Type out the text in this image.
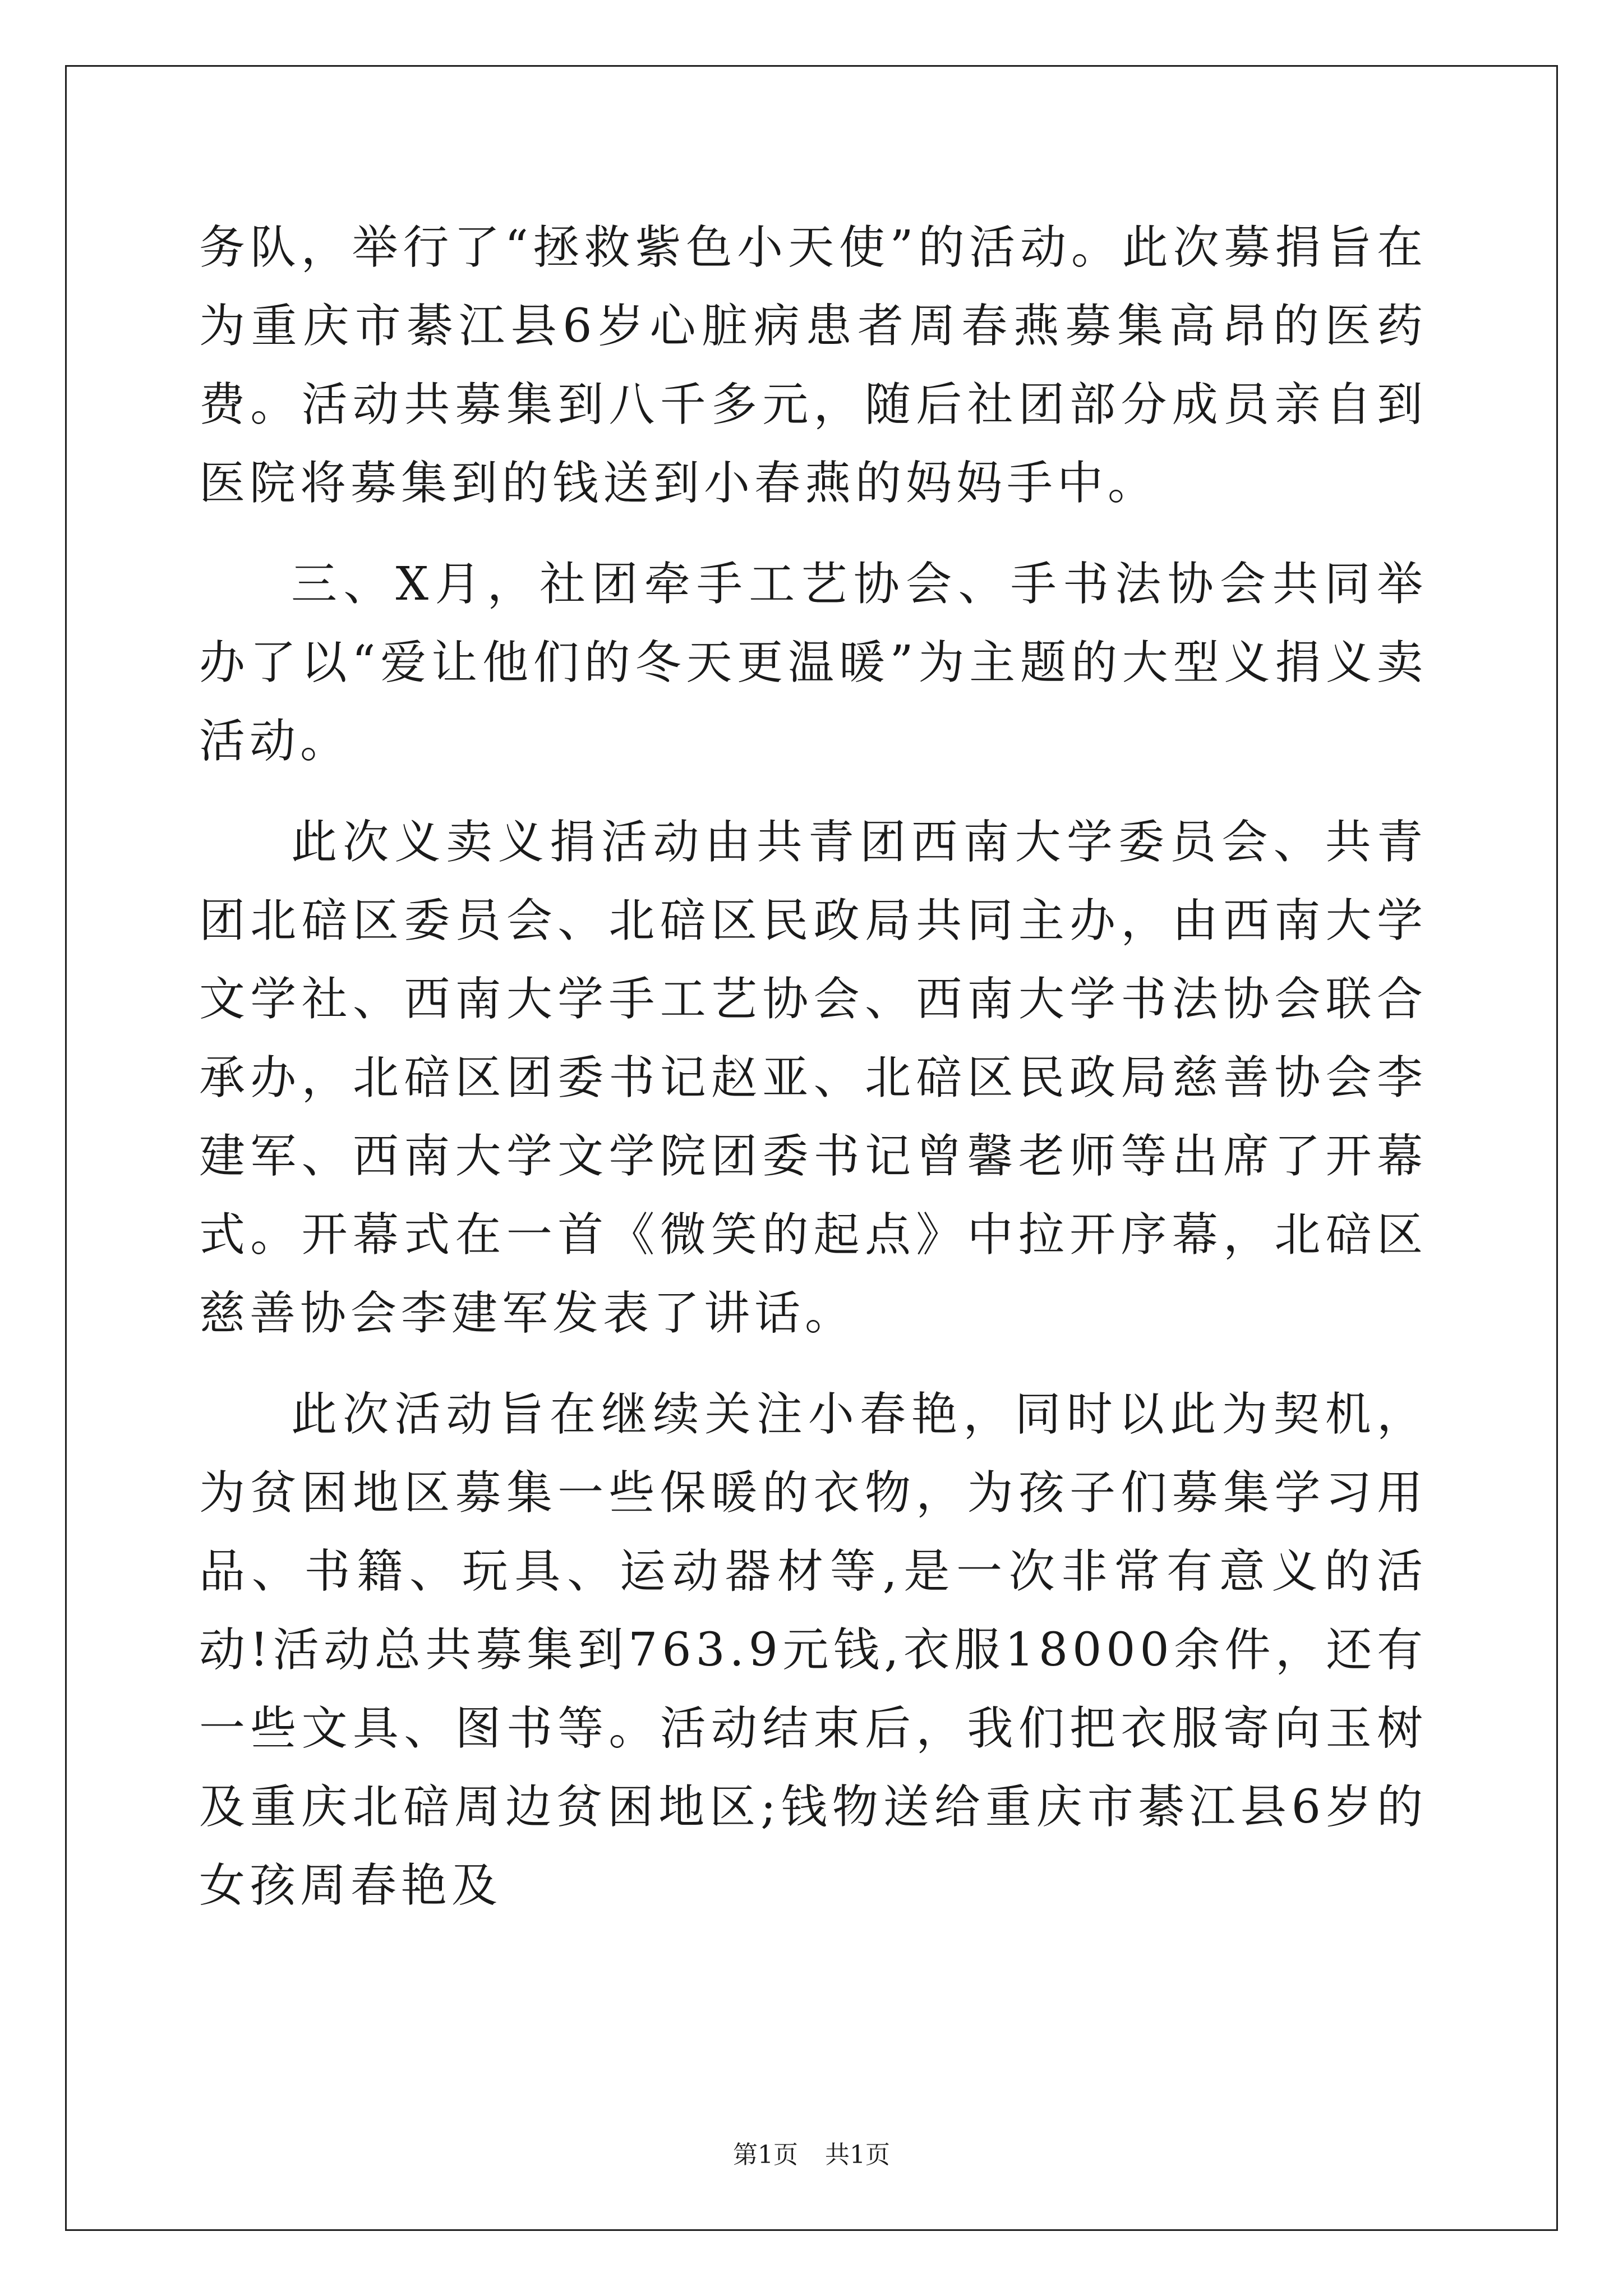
务队，举行了“拯救紫色小天使”的活动。此次募捐旨在为重庆市綦江县6岁心脏病患者周春燕募集高昂的医药费。活动共募集到八千多元，随后社团部分成员亲自到医院将募集到的钱送到小春燕的妈妈手中。

三、X月，社团牵手工艺协会、手书法协会共同举办了以“爱让他们的冬天更温暖”为主题的大型义捐义卖活动。

此次义卖义捐活动由共青团西南大学委员会、共青团北碚区委员会、北碚区民政局共同主办，由西南大学文学社、西南大学手工艺协会、西南大学书法协会联合承办，北碚区团委书记赵亚、北碚区民政局慈善协会李建军、西南大学文学院团委书记曾馨老师等出席了开幕式。开幕式在一首《微笑的起点》中拉开序幕，北碚区慈善协会李建军发表了讲话。

此次活动旨在继续关注小春艳，同时以此为契机，为贫困地区募集一些保暖的衣物，为孩子们募集学习用品、书籍、玩具、运动器材等,是一次非常有意义的活动!活动总共募集到763.9元钱,衣服18000余件，还有一些文具、图书等。活动结束后，我们把衣服寄向玉树及重庆北碚周边贫困地区;钱物送给重庆市綦江县6岁的女孩周春艳及

第1页 共1页
